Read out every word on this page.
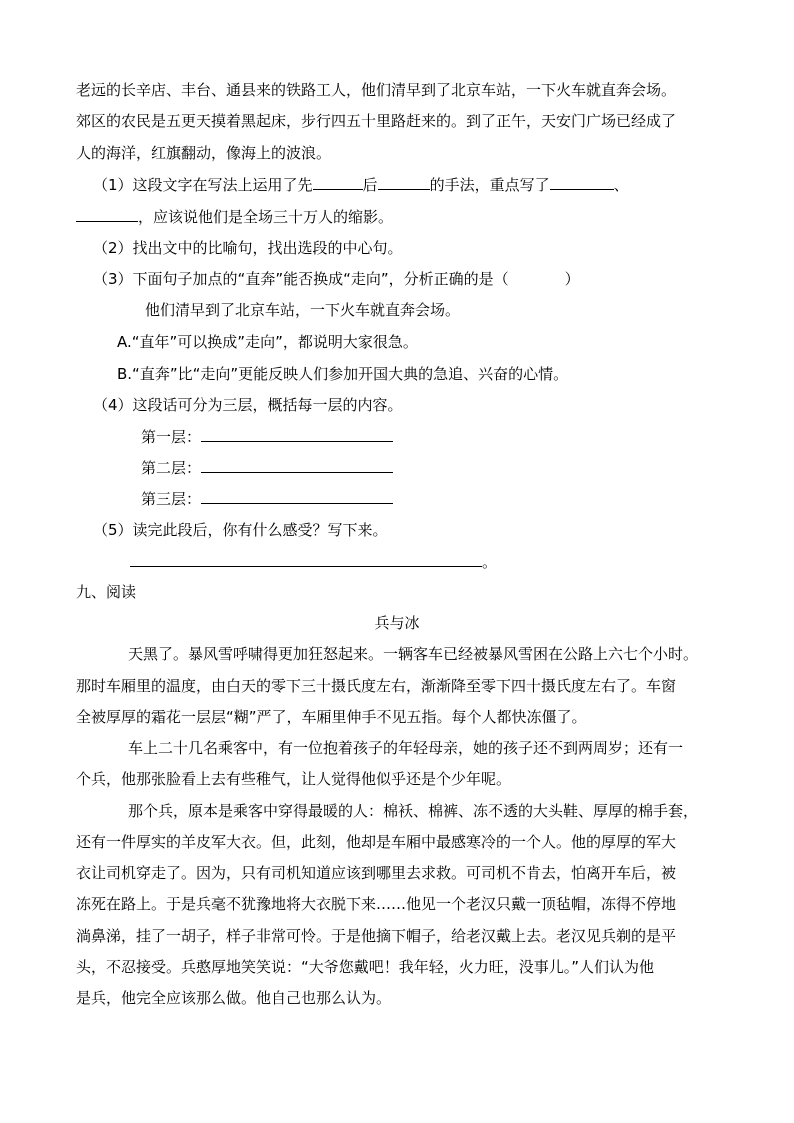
老远的长辛店、丰台、通县来的铁路工人，他们清早到了北京车站，一下火车就直奔会场。
郊区的农民是五更天摸着黑起床，步行四五十里路赶来的。到了正午，天安门广场已经成了
人的海洋，红旗翻动，像海上的波浪。
（1）这段文字在写法上运用了先	后	的手法，重点写了	、
，应该说他们是全场三十万人的缩影。
（2）找出文中的比喻句，找出选段的中心句。
（3）下面句子加点的“直奔”能否换成“走向”，分析正确的是（	）
他们清早到了北京车站，一下火车就直奔会场。
A.“直年”可以换成”走向”，都说明大家很急。
B.“直奔”比“走向”更能反映人们参加开国大典的急追、兴奋的心情。
（4）这段话可分为三层，概括每一层的内容。
第一层：
第二层：
第三层：
（5）读完此段后，你有什么感受？写下来。
。
九、阅读
兵与冰
天黑了。暴风雪呼啸得更加狂怒起来。一辆客车已经被暴风雪困在公路上六七个小时。
那时车厢里的温度，由白天的零下三十摄氏度左右，渐渐降至零下四十摄氏度左右了。车窗
全被厚厚的霜花一层层“糊”严了，车厢里伸手不见五指。每个人都快冻僵了。
车上二十几名乘客中，有一位抱着孩子的年轻母亲，她的孩子还不到两周岁；还有一
个兵，他那张脸看上去有些稚气，让人觉得他似乎还是个少年呢。
那个兵，原本是乘客中穿得最暖的人：棉袄、棉裤、冻不透的大头鞋、厚厚的棉手套，
还有一件厚实的羊皮军大衣。但，此刻，他却是车厢中最感寒冷的一个人。他的厚厚的军大
衣让司机穿走了。因为，只有司机知道应该到哪里去求救。可司机不肯去，怕离开车后，被
冻死在路上。于是兵毫不犹豫地将大衣脱下来……他见一个老汉只戴一顶毡帽，冻得不停地
淌鼻涕，挂了一胡子，样子非常可怜。于是他摘下帽子，给老汉戴上去。老汉见兵剃的是平
头，不忍接受。兵憨厚地笑笑说：“大爷您戴吧！我年轻，火力旺，没事儿。”人们认为他
是兵，他完全应该那么做。他自己也那么认为。
